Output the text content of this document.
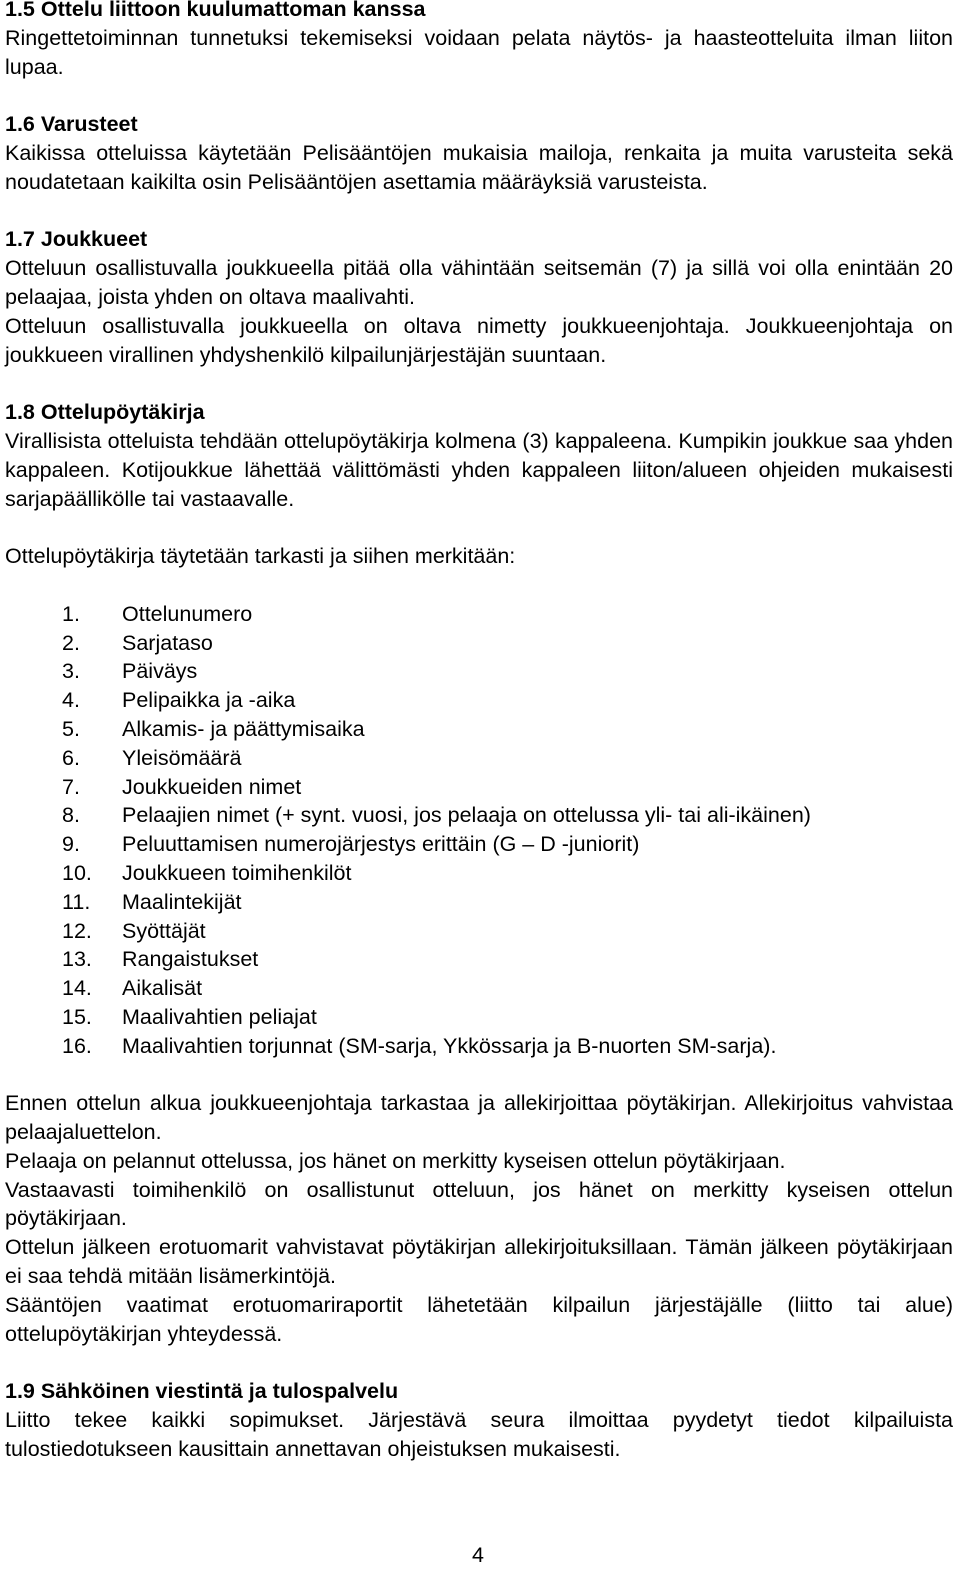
1.5 Ottelu liittoon kuulumattoman kanssa
Ringettetoiminnan tunnetuksi tekemiseksi voidaan pelata näytös- ja haasteotteluita ilman liiton lupaa.
1.6 Varusteet
Kaikissa otteluissa käytetään Pelisääntöjen mukaisia mailoja, renkaita ja muita varusteita sekä noudatetaan kaikilta osin Pelisääntöjen asettamia määräyksiä varusteista.
1.7 Joukkueet
Otteluun osallistuvalla joukkueella pitää olla vähintään seitsemän (7) ja sillä voi olla enintään 20 pelaajaa, joista yhden on oltava maalivahti.
Otteluun osallistuvalla joukkueella on oltava nimetty joukkueenjohtaja. Joukkueenjohtaja on joukkueen virallinen yhdyshenkilö kilpailunjärjestäjän suuntaan.
1.8 Ottelupöytäkirja
Virallisista otteluista tehdään ottelupöytäkirja kolmena (3) kappaleena. Kumpikin joukkue saa yhden kappaleen. Kotijoukkue lähettää välittömästi yhden kappaleen liiton/alueen ohjeiden mukaisesti sarjapäällikölle tai vastaavalle.
Ottelupöytäkirja täytetään tarkasti ja siihen merkitään:
1.	Ottelunumero
2.	Sarjataso
3.	Päiväys
4.	Pelipaikka ja -aika
5.	Alkamis- ja päättymisaika
6.	Yleisömäärä
7.	Joukkueiden nimet
8.	Pelaajien nimet (+ synt. vuosi, jos pelaaja on ottelussa yli- tai ali-ikäinen)
9.	Peluuttamisen numerojärjestys erittäin (G – D -juniorit)
10.	Joukkueen toimihenkilöt
11.	Maalintekijät
12.	Syöttäjät
13.	Rangaistukset
14.	Aikalisät
15.	Maalivahtien peliajat
16.	Maalivahtien torjunnat (SM-sarja, Ykkössarja ja B-nuorten SM-sarja).
Ennen ottelun alkua joukkueenjohtaja tarkastaa ja allekirjoittaa pöytäkirjan. Allekirjoitus vahvistaa pelaajaluettelon.
Pelaaja on pelannut ottelussa, jos hänet on merkitty kyseisen ottelun pöytäkirjaan.
Vastaavasti toimihenkilö on osallistunut otteluun, jos hänet on merkitty kyseisen ottelun pöytäkirjaan.
Ottelun jälkeen erotuomarit vahvistavat pöytäkirjan allekirjoituksillaan. Tämän jälkeen pöytäkirjaan ei saa tehdä mitään lisämerkintöjä.
Sääntöjen vaatimat erotuomariraportit lähetetään kilpailun järjestäjälle (liitto tai alue) ottelupöytäkirjan yhteydessä.
1.9 Sähköinen viestintä ja tulospalvelu
Liitto tekee kaikki sopimukset. Järjestävä seura ilmoittaa pyydetyt tiedot kilpailuista tulostiedotukseen kausittain annettavan ohjeistuksen mukaisesti.
4
